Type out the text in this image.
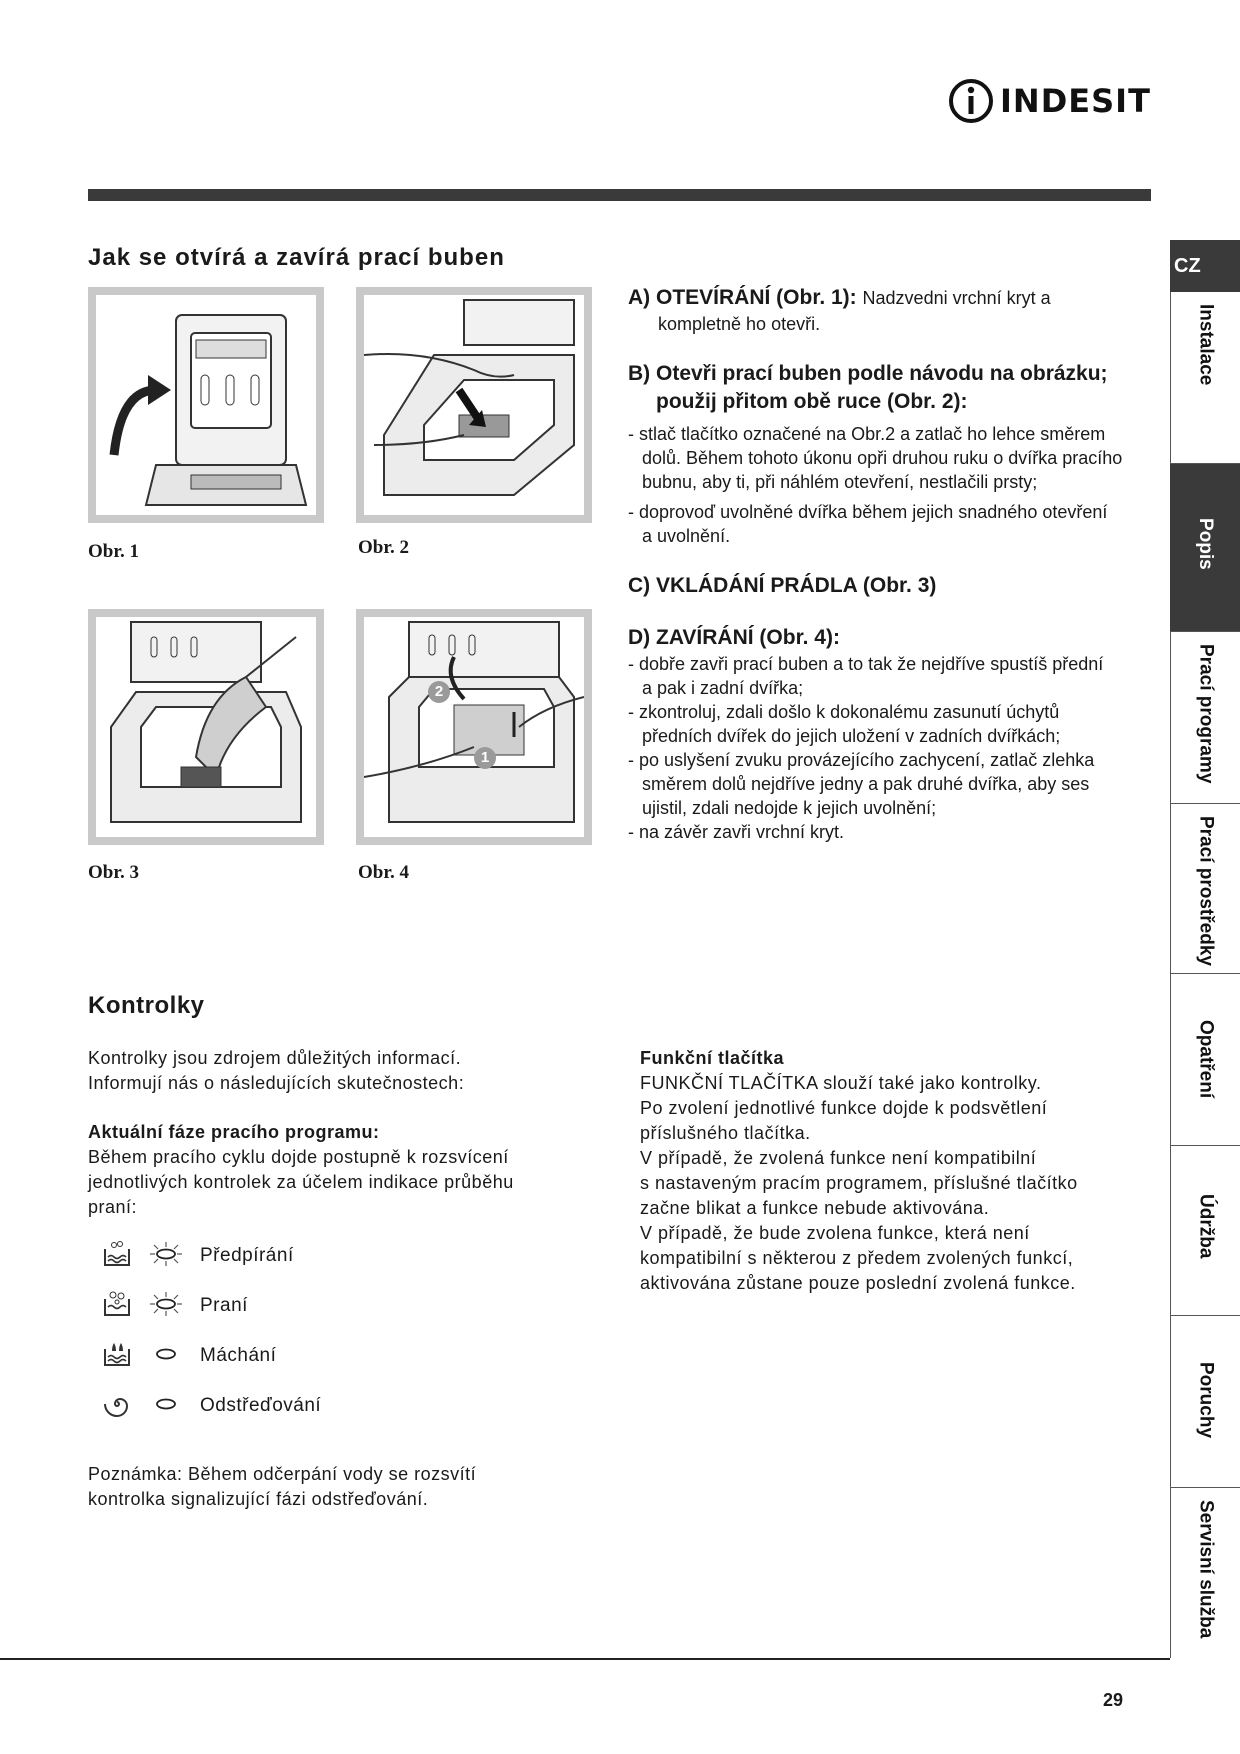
INDESIT
Jak se otvírá a zavírá prací buben
Obr. 1	Obr. 2
Obr. 3
2
1
Obr. 4
A) OTEVÍRÁNÍ (Obr. 1): Nadzvedni vrchní kryt a
kompletně ho otevři.
B) Otevři prací buben podle návodu na obrázku;
použij přitom obě ruce (Obr. 2):
- stlač tlačítko označené na Obr.2 a zatlač ho lehce směrem
dolů. Během tohoto úkonu opři druhou ruku o dvířka pracího
bubnu, aby ti, při náhlém otevření, nestlačili prsty;
- doprovoď uvolněné dvířka během jejich snadného otevření
a uvolnění.
C) VKLÁDÁNÍ PRÁDLA (Obr. 3)
D) ZAVÍRÁNÍ (Obr. 4):
- dobře zavři prací buben a to tak že nejdříve spustíš přední
a pak i zadní dvířka;
- zkontroluj, zdali došlo k dokonalému zasunutí úchytů
předních dvířek do jejich uložení v zadních dvířkách;
- po uslyšení zvuku provázejícího zachycení, zatlač zlehka
směrem dolů nejdříve jedny a pak druhé dvířka, aby ses
ujistil, zdali nedojde k jejich uvolnění;
- na závěr zavři vrchní kryt.
Kontrolky
Kontrolky jsou zdrojem důležitých informací.
Informují nás o následujících skutečnostech:
Aktuální fáze pracího programu:
Během pracího cyklu dojde postupně k rozsvícení
jednotlivých kontrolek za účelem indikace průběhu
praní:
Předpírání
Praní
Máchání
Odstřeďování
Poznámka: Během odčerpání vody se rozsvítí
kontrolka signalizující fázi odstřeďování.
Funkční tlačítka
FUNKČNÍ TLAČÍTKA slouží také jako kontrolky.
Po zvolení jednotlivé funkce dojde k podsvětlení
příslušného tlačítka.
V případě, že zvolená funkce není kompatibilní
s nastaveným pracím programem, příslušné tlačítko
začne blikat a funkce nebude aktivována.
V případě, že bude zvolena funkce, která není
kompatibilní s některou z předem zvolených funkcí,
aktivována zůstane pouze poslední zvolená funkce.
CZ
Instalace
Popis
Prací programy
Prací prostředky
Opatření
Údržba
Poruchy
Servisní služba
29
